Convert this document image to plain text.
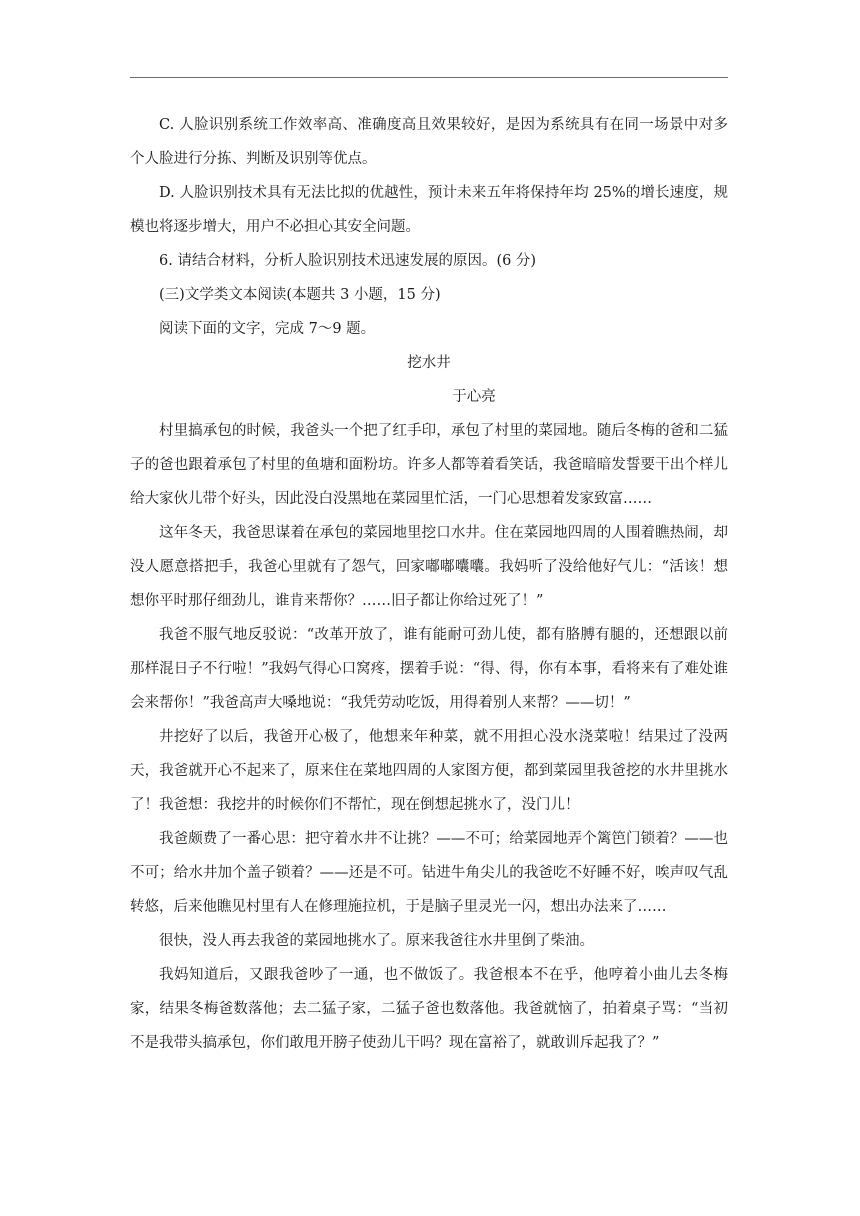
C. 人脸识别系统工作效率高、准确度高且效果较好，是因为系统具有在同一场景中对多个人脸进行分拣、判断及识别等优点。

D. 人脸识别技术具有无法比拟的优越性，预计未来五年将保持年均 25%的增长速度，规模也将逐步增大，用户不必担心其安全问题。

6. 请结合材料，分析人脸识别技术迅速发展的原因。(6 分)

(三)文学类文本阅读(本题共 3 小题，15 分)

阅读下面的文字，完成 7～9 题。

挖水井

于心亮

村里搞承包的时候，我爸头一个把了红手印，承包了村里的菜园地。随后冬梅的爸和二猛子的爸也跟着承包了村里的鱼塘和面粉坊。许多人都等着看笑话，我爸暗暗发誓要干出个样儿给大家伙儿带个好头，因此没白没黑地在菜园里忙活，一门心思想着发家致富……

这年冬天，我爸思谋着在承包的菜园地里挖口水井。住在菜园地四周的人围着瞧热闹，却没人愿意搭把手，我爸心里就有了怨气，回家嘟嘟囔囔。我妈听了没给他好气儿：“活该！想想你平时那仔细劲儿，谁肯来帮你？……旧子都让你给过死了！”

我爸不服气地反驳说：“改革开放了，谁有能耐可劲儿使，都有胳膊有腿的，还想跟以前那样混日子不行啦！”我妈气得心口窝疼，摆着手说：“得、得，你有本事，看将来有了难处谁会来帮你！”我爸高声大嗓地说：“我凭劳动吃饭，用得着别人来帮？——切！”

井挖好了以后，我爸开心极了，他想来年种菜，就不用担心没水浇菜啦！结果过了没两天，我爸就开心不起来了，原来住在菜地四周的人家图方便，都到菜园里我爸挖的水井里挑水了！我爸想：我挖井的时候你们不帮忙，现在倒想起挑水了，没门儿！

我爸颇费了一番心思：把守着水井不让挑？——不可；给菜园地弄个篱笆门锁着？——也不可；给水井加个盖子锁着？——还是不可。钻进牛角尖儿的我爸吃不好睡不好，唉声叹气乱转悠，后来他瞧见村里有人在修理施拉机，于是脑子里灵光一闪，想出办法来了……

很快，没人再去我爸的菜园地挑水了。原来我爸往水井里倒了柴油。

我妈知道后，又跟我爸吵了一通，也不做饭了。我爸根本不在乎，他哼着小曲儿去冬梅家，结果冬梅爸数落他；去二猛子家，二猛子爸也数落他。我爸就恼了，拍着桌子骂：“当初不是我带头搞承包，你们敢甩开膀子使劲儿干吗？现在富裕了，就敢训斥起我了？”
